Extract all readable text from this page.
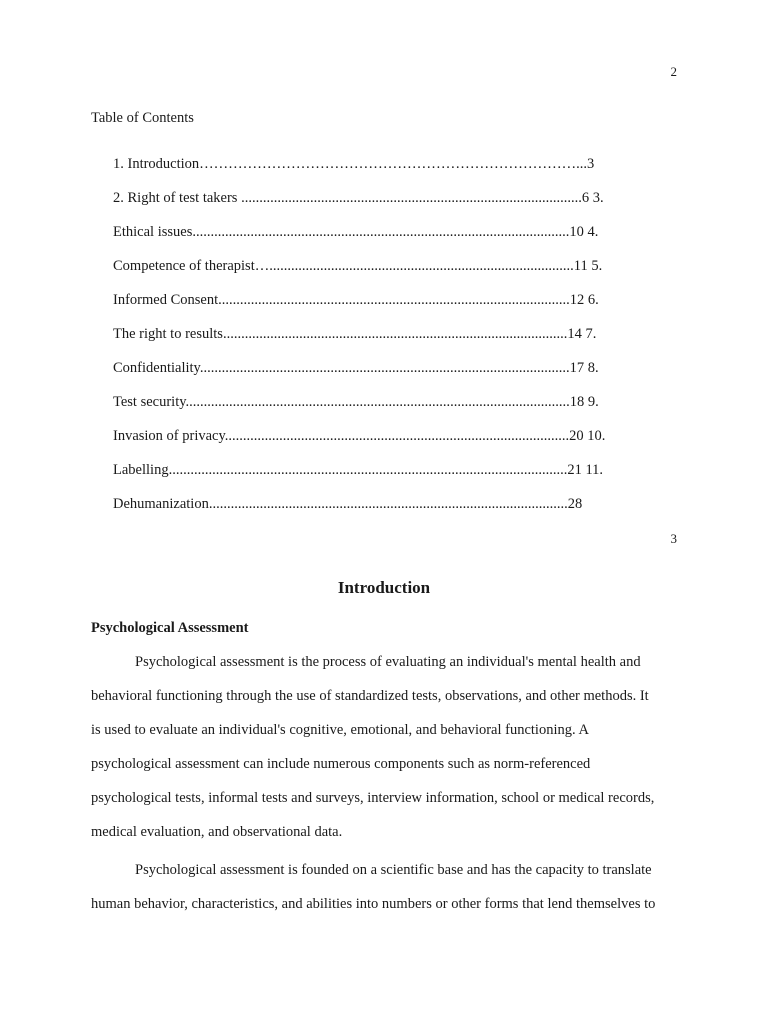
2
Table of Contents
1. Introduction……………………………………………………………………...3
2. Right of test takers ..............................................................................................6 3.
Ethical issues........................................................................................................10 4.
Competence of therapist…....................................................................................11 5.
Informed Consent.................................................................................................12 6.
The right to results...............................................................................................14 7.
Confidentiality......................................................................................................17 8.
Test security..........................................................................................................18 9.
Invasion of privacy...............................................................................................20 10.
Labelling..............................................................................................................21 11.
Dehumanization...................................................................................................28
3
Introduction
Psychological Assessment
Psychological assessment is the process of evaluating an individual's mental health and
behavioral functioning through the use of standardized tests, observations, and other methods. It
is used to evaluate an individual's cognitive, emotional, and behavioral functioning. A
psychological assessment can include numerous components such as norm-referenced
psychological tests, informal tests and surveys, interview information, school or medical records,
medical evaluation, and observational data.
Psychological assessment is founded on a scientific base and has the capacity to translate
human behavior, characteristics, and abilities into numbers or other forms that lend themselves to
